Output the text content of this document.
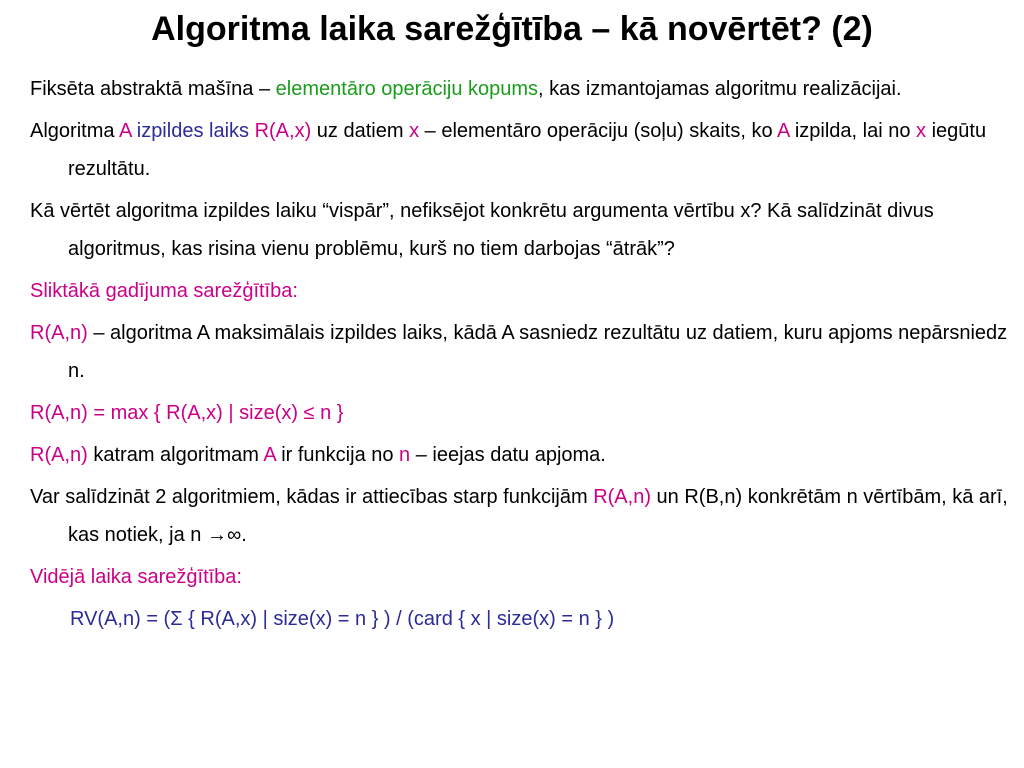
Algoritma laika sarežģītība – kā novērtēt? (2)

Fiksēta abstraktā mašīna – elementāro operāciju kopums, kas izmantojamas algoritmu realizācijai.

Algoritma A izpildes laiks R(A,x) uz datiem x – elementāro operāciju (soļu) skaits, ko A izpilda, lai no x iegūtu rezultātu.

Kā vērtēt algoritma izpildes laiku “vispār”, nefiksējot konkrētu argumenta vērtību x? Kā salīdzināt divus algoritmus, kas risina vienu problēmu, kurš no tiem darbojas “ātrāk”?

Sliktākā gadījuma sarežģītība:

R(A,n) – algoritma A maksimālais izpildes laiks, kādā A sasniedz rezultātu uz datiem, kuru apjoms nepārsniedz n.

R(A,n) = max { R(A,x) | size(x) ≤ n }

R(A,n) katram algoritmam A ir funkcija no n – ieejas datu apjoma.

Var salīdzināt 2 algoritmiem, kādas ir attiecības starp funkcijām R(A,n) un R(B,n) konkrētām n vērtībām, kā arī, kas notiek, ja n →∞.

Vidējā laika sarežģītība:

RV(A,n) = (Σ { R(A,x) | size(x) = n } ) / (card { x | size(x) = n } )
